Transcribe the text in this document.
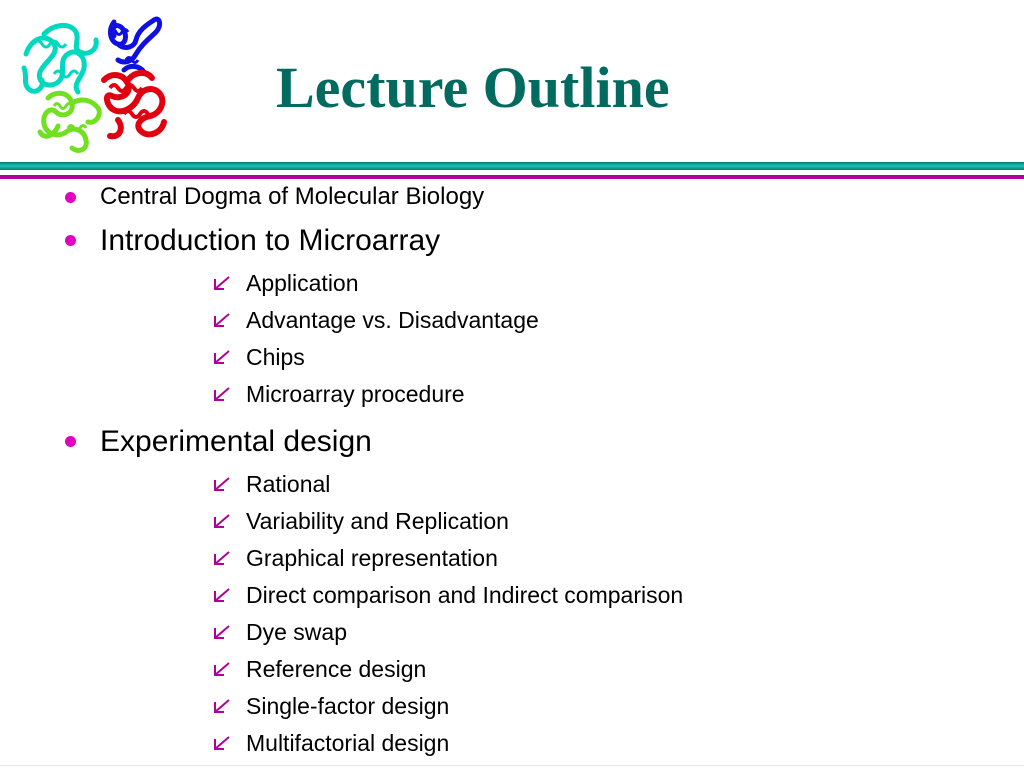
Lecture Outline
Central Dogma of Molecular Biology
Introduction to Microarray
Application
Advantage vs. Disadvantage
Chips
Microarray procedure
Experimental design
Rational
Variability and Replication
Graphical representation
Direct comparison and Indirect comparison
Dye swap
Reference design
Single-factor design
Multifactorial design
